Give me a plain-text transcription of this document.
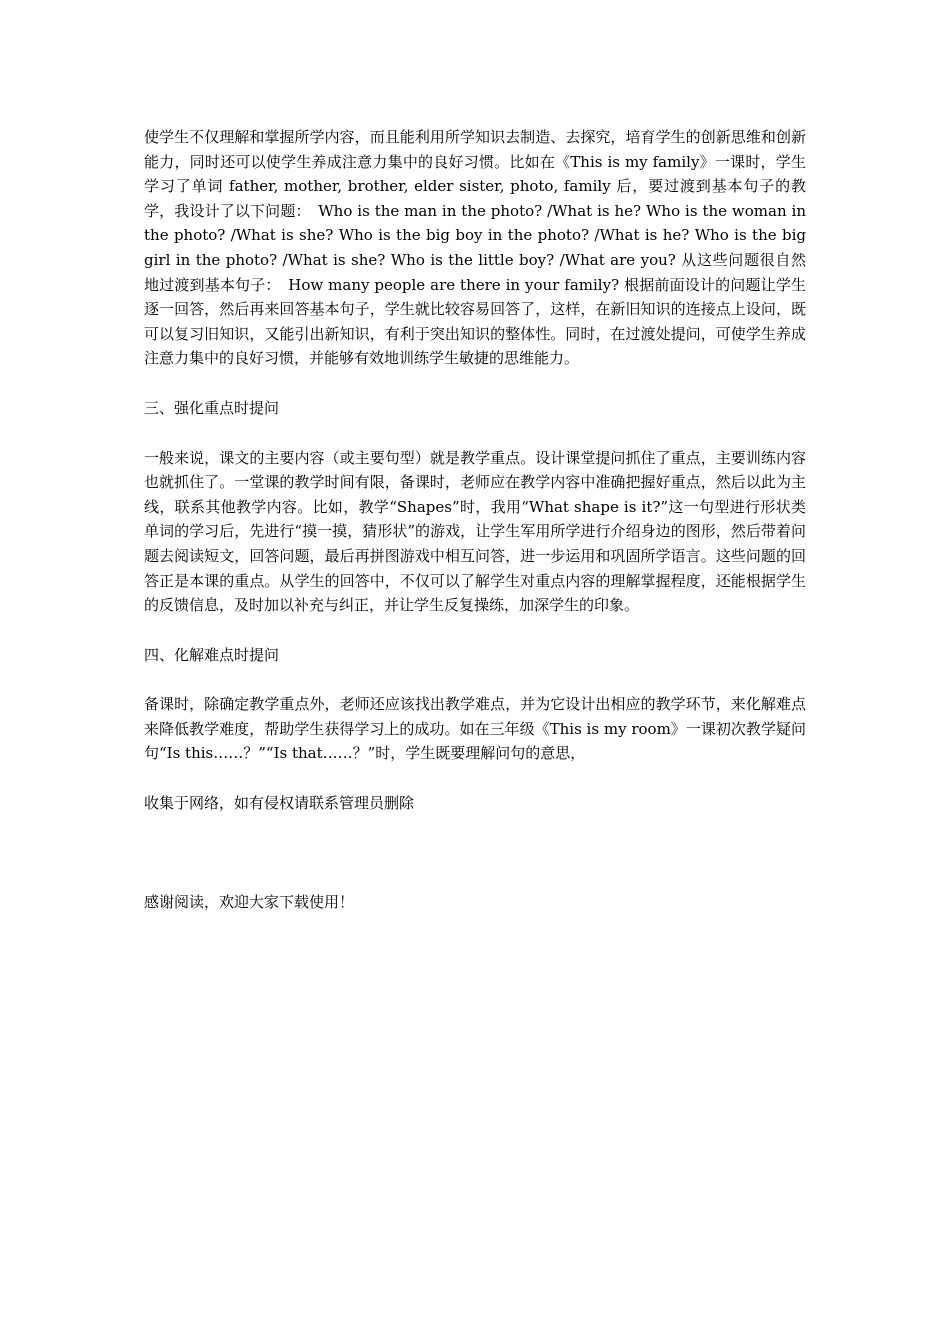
使学生不仅理解和掌握所学内容，而且能利用所学知识去制造、去探究，培育学生的创新思维和创新能力，同时还可以使学生养成注意力集中的良好习惯。比如在《This is my family》一课时，学生学习了单词 father, mother, brother, elder sister, photo, family 后，要过渡到基本句子的教学，我设计了以下问题：　Who is the man in the photo? /What is he? Who is the woman in the photo? /What is she? Who is the big boy in the photo? /What is he? Who is the big girl in the photo? /What is she? Who is the little boy? /What are you? 从这些问题很自然地过渡到基本句子：　How many people are there in your family? 根据前面设计的问题让学生逐一回答，然后再来回答基本句子，学生就比较容易回答了，这样，在新旧知识的连接点上设问，既可以复习旧知识，又能引出新知识，有利于突出知识的整体性。同时，在过渡处提问，可使学生养成注意力集中的良好习惯，并能够有效地训练学生敏捷的思维能力。

三、强化重点时提问

一般来说，课文的主要内容（或主要句型）就是教学重点。设计课堂提问抓住了重点，主要训练内容也就抓住了。一堂课的教学时间有限，备课时，老师应在教学内容中准确把握好重点，然后以此为主线，联系其他教学内容。比如，教学“Shapes”时，我用“What shape is it?”这一句型进行形状类单词的学习后，先进行“摸一摸，猜形状”的游戏，让学生军用所学进行介绍身边的图形，然后带着问题去阅读短文，回答问题，最后再拼图游戏中相互问答，进一步运用和巩固所学语言。这些问题的回答正是本课的重点。从学生的回答中，不仅可以了解学生对重点内容的理解掌握程度，还能根据学生的反馈信息，及时加以补充与纠正，并让学生反复操练，加深学生的印象。

四、化解难点时提问

备课时，除确定教学重点外，老师还应该找出教学难点，并为它设计出相应的教学环节，来化解难点来降低教学难度，帮助学生获得学习上的成功。如在三年级《This is my room》一课初次教学疑问句“Is this……？”“Is that……？”时，学生既要理解问句的意思，

收集于网络，如有侵权请联系管理员删除

感谢阅读，欢迎大家下载使用！
